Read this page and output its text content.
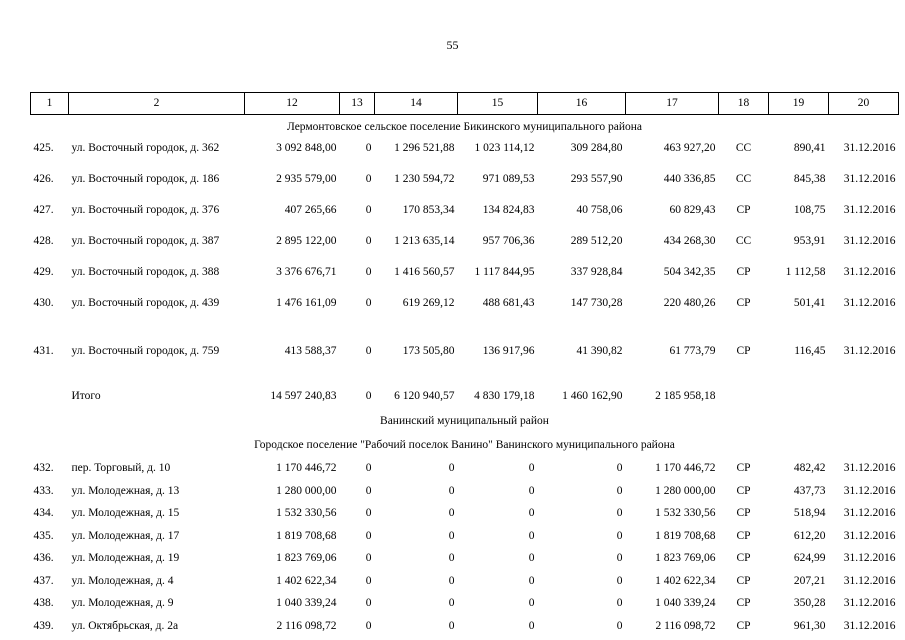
55
1	2	12	13	14	15	16	17	18	19	20
Лермонтовское сельское поселение Бикинского муниципального района										
425.	ул. Восточный городок, д. 362	3 092 848,00	0	1 296 521,88	1 023 114,12	309 284,80	463 927,20	СС	890,41	31.12.2016
426.	ул. Восточный городок, д. 186	2 935 579,00	0	1 230 594,72	971 089,53	293 557,90	440 336,85	СС	845,38	31.12.2016
427.	ул. Восточный городок, д. 376	407 265,66	0	170 853,34	134 824,83	40 758,06	60 829,43	СР	108,75	31.12.2016
428.	ул. Восточный городок, д. 387	2 895 122,00	0	1 213 635,14	957 706,36	289 512,20	434 268,30	СС	953,91	31.12.2016
429.	ул. Восточный городок, д. 388	3 376 676,71	0	1 416 560,57	1 117 844,95	337 928,84	504 342,35	СР	1 112,58	31.12.2016
430.	ул. Восточный городок, д. 439	1 476 161,09	0	619 269,12	488 681,43	147 730,28	220 480,26	СР	501,41	31.12.2016
431.	ул. Восточный городок, д. 759	413 588,37	0	173 505,80	136 917,96	41 390,82	61 773,79	СР	116,45	31.12.2016
	Итого	14 597 240,83	0	6 120 940,57	4 830 179,18	1 460 162,90	2 185 958,18			
Ванинский муниципальный район										
Городское поселение "Рабочий поселок Ванино" Ванинского муниципального района										
432.	пер. Торговый, д. 10	1 170 446,72	0	0	0	0	1 170 446,72	СР	482,42	31.12.2016
433.	ул. Молодежная, д. 13	1 280 000,00	0	0	0	0	1 280 000,00	СР	437,73	31.12.2016
434.	ул. Молодежная, д. 15	1 532 330,56	0	0	0	0	1 532 330,56	СР	518,94	31.12.2016
435.	ул. Молодежная, д. 17	1 819 708,68	0	0	0	0	1 819 708,68	СР	612,20	31.12.2016
436.	ул. Молодежная, д. 19	1 823 769,06	0	0	0	0	1 823 769,06	СР	624,99	31.12.2016
437.	ул. Молодежная, д. 4	1 402 622,34	0	0	0	0	1 402 622,34	СР	207,21	31.12.2016
438.	ул. Молодежная, д. 9	1 040 339,24	0	0	0	0	1 040 339,24	СР	350,28	31.12.2016
439.	ул. Октябрьская, д. 2а	2 116 098,72	0	0	0	0	2 116 098,72	СР	961,30	31.12.2016
